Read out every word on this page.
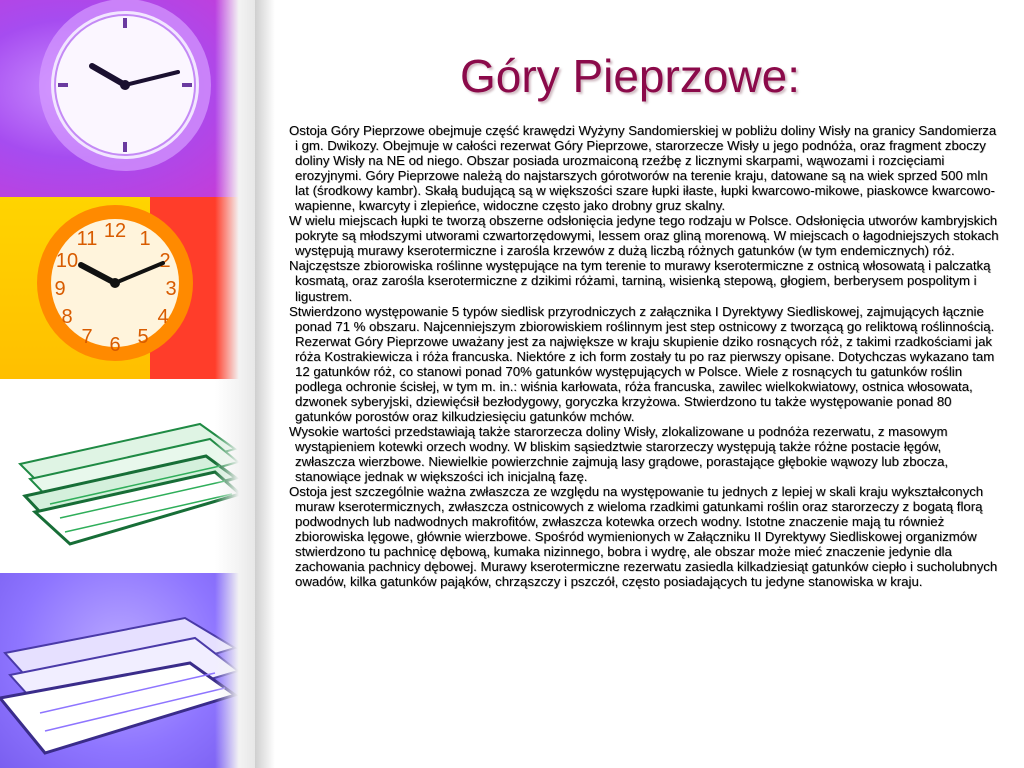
12 1
2
3
4
5
6
7
8
9
10
11
Góry Pieprzowe:

Ostoja Góry Pieprzowe obejmuje część krawędzi Wyżyny Sandomierskiej w pobliżu doliny Wisły na granicy Sandomierza i gm. Dwikozy. Obejmuje w całości rezerwat Góry Pieprzowe, starorzecze Wisły u jego podnóża, oraz fragment zboczy doliny Wisły na NE od niego. Obszar posiada urozmaiconą rzeźbę z licznymi skarpami, wąwozami i rozcięciami erozyjnymi. Góry Pieprzowe należą do najstarszych górotworów na terenie kraju, datowane są na wiek sprzed 500 mln lat (środkowy kambr). Skałą budującą są w większości szare łupki iłaste, łupki kwarcowo-mikowe, piaskowce kwarcowo-wapienne, kwarcyty i zlepieńce, widoczne często jako drobny gruz skalny.

W wielu miejscach łupki te tworzą obszerne odsłonięcia jedyne tego rodzaju w Polsce. Odsłonięcia utworów kambryjskich pokryte są młodszymi utworami czwartorzędowymi, lessem oraz gliną morenową. W miejscach o łagodniejszych stokach występują murawy kserotermiczne i zarośla krzewów z dużą liczbą różnych gatunków (w tym endemicznych) róż.

Najczęstsze zbiorowiska roślinne występujące na tym terenie to murawy kserotermiczne z ostnicą włosowatą i palczatką kosmatą, oraz zarośla kserotermiczne z dzikimi różami, tarniną, wisienką stepową, głogiem, berberysem pospolitym i ligustrem.

Stwierdzono występowanie 5 typów siedlisk przyrodniczych z załącznika I Dyrektywy Siedliskowej, zajmujących łącznie ponad 71 % obszaru. Najcenniejszym zbiorowiskiem roślinnym jest step ostnicowy z tworzącą go reliktową roślinnością. Rezerwat Góry Pieprzowe uważany jest za największe w kraju skupienie dziko rosnących róż, z takimi rzadkościami jak róża Kostrakiewicza i róża francuska. Niektóre z ich form zostały tu po raz pierwszy opisane. Dotychczas wykazano tam 12 gatunków róż, co stanowi ponad 70% gatunków występujących w Polsce. Wiele z rosnących tu gatunków roślin podlega ochronie ścisłej, w tym m. in.: wiśnia karłowata, róża francuska, zawilec wielkokwiatowy, ostnica włosowata, dzwonek syberyjski, dziewięćsił bezłodygowy, goryczka krzyżowa. Stwierdzono tu także występowanie ponad 80 gatunków porostów oraz kilkudziesięciu gatunków mchów.

Wysokie wartości przedstawiają także starorzecza doliny Wisły, zlokalizowane u podnóża rezerwatu, z masowym wystąpieniem kotewki orzech wodny. W bliskim sąsiedztwie starorzeczy występują także różne postacie łęgów, zwłaszcza wierzbowe. Niewielkie powierzchnie zajmują lasy grądowe, porastające głębokie wąwozy lub zbocza, stanowiące jednak w większości ich inicjalną fazę.

Ostoja jest szczególnie ważna zwłaszcza ze względu na występowanie tu jednych z lepiej w skali kraju wykształconych muraw kserotermicznych, zwłaszcza ostnicowych z wieloma rzadkimi gatunkami roślin oraz starorzeczy z bogatą florą podwodnych lub nadwodnych makrofitów, zwłaszcza kotewka orzech wodny. Istotne znaczenie mają tu również zbiorowiska lęgowe, głównie wierzbowe. Spośród wymienionych w Załączniku II Dyrektywy Siedliskowej organizmów stwierdzono tu pachnicę dębową, kumaka nizinnego, bobra i wydrę, ale obszar może mieć znaczenie jedynie dla zachowania pachnicy dębowej. Murawy kserotermiczne rezerwatu zasiedla kilkadziesiąt gatunków ciepło i sucholubnych owadów, kilka gatunków pająków, chrząszczy i pszczół, często posiadających tu jedyne stanowiska w kraju.
